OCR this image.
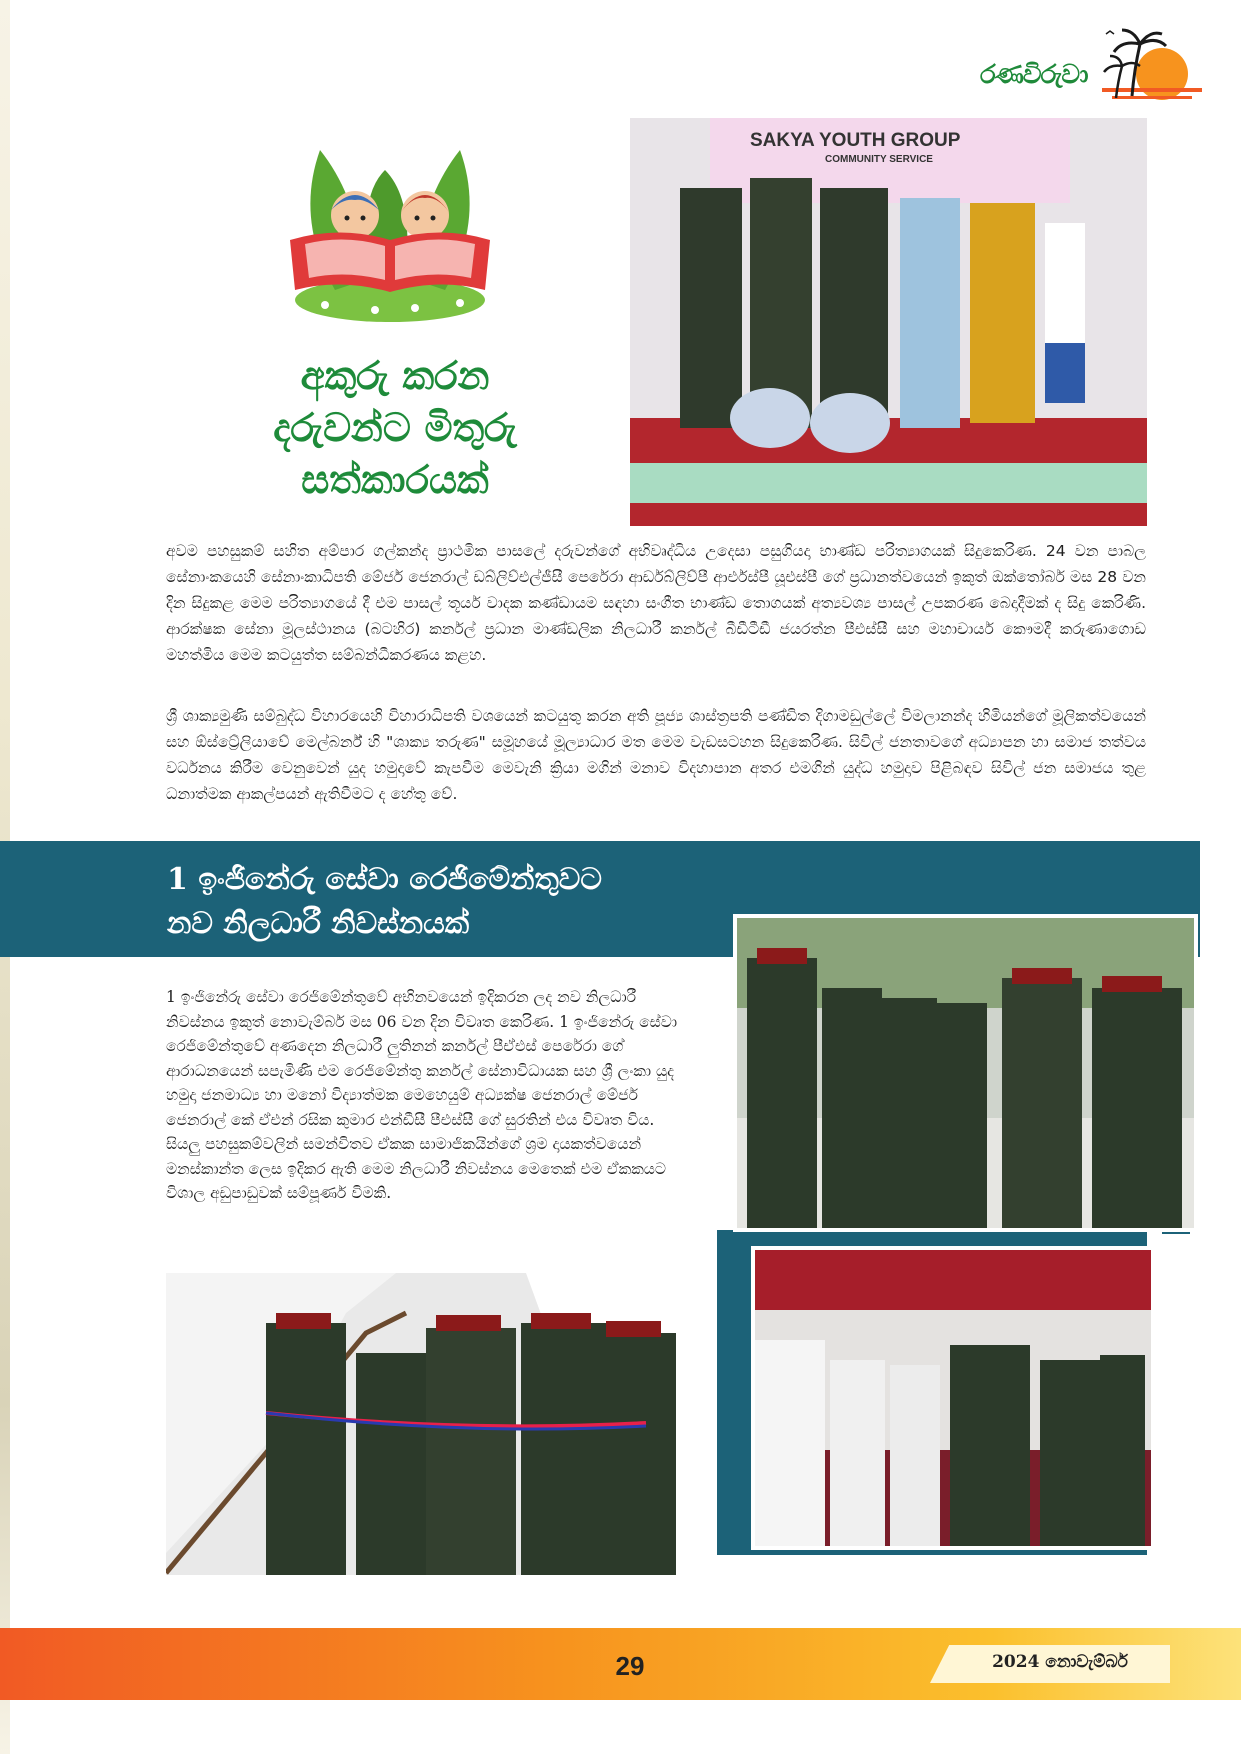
රණවිරුවා
අකුරු කරන
දරුවන්ට මිතුරු
සත්කාරයක්
SAKYA YOUTH GROUP
COMMUNITY SERVICE
අවම පහසුකම් සහිත අම්පාර ගල්කන්ද ප්‍රාථමික පාසලේ දරුවන්ගේ අභිවෘද්ධිය උදෙසා පසුගියදා භාණ්ඩ පරිත්‍යාගයක් සිදුකෙරිණ. 24 වන පාබල සේනාංකයෙහි සේනාංකාධිපති මේජර් ජෙනරාල් ඩබ්ලිව්එල්ජීසී පෙරේරා ආර්ඩබ්ලිව්පී ආර්එස්පී යූඑස්පී ගේ ප්‍රධානත්වයෙන් ඉකුත් ඔක්තෝබර් මස 28 වන දින සිදුකළ මෙම පරිත්‍යාගයේ දී එම පාසල් තූර්ය වාදක කණ්ඩායම සඳහා සංගීත භාණ්ඩ තොගයක් අත්‍යවශ්‍ය පාසල් උපකරණ බෙදාදීමක් ද සිදු කෙරිණි. ආරක්ෂක සේනා මූලස්ථානය (බටහිර) කර්නල් ප්‍රධාන මාණ්ඩලික නිලධාරී කර්නල් බීඩීටීඩී ජයරත්න පීඑස්සී සහ මහාචාර්ය කෞමදී කරුණාගොඩ මහත්මිය මෙම කටයුත්ත සම්බන්ධීකරණය කළහ.
ශ්‍රී ශාක්‍යමුණි සම්බුද්ධ විහාරයෙහි විහාරාධිපති වශයෙන් කටයුතු කරන අති පූජ්‍ය ශාස්ත්‍රපති පණ්ඩිත දිගාමඩුල්ලේ විමලානන්ද හිමියන්ගේ මූලිකත්වයෙන් සහ ඕස්ට්‍රේලියාවේ මෙල්බර්න් හි "ශාක්‍ය තරුණ" සමූහයේ මූල්‍යාධාර මත මෙම වැඩසටහන සිදුකෙරිණ. සිවිල් ජනතාවගේ අධ්‍යාපන හා සමාජ තත්වය වර්ධනය කිරීම වෙනුවෙන් යුද හමුදාවේ කැපවීම මෙවැනි ක්‍රියා මගින් මනාව විදහාපාන අතර එමගින් යුද්ධ හමුදාව පිළිබඳව සිවිල් ජන සමාජය තුළ ධනාත්මක ආකල්පයන් ඇතිවීමට ද හේතු වේ.
1 ඉංජිනේරු සේවා රෙජිමේන්තුවට
නව නිලධාරී නිවස්නයක්
1 ඉංජිනේරු සේවා රෙජිමේන්තුවේ අභිනවයෙන් ඉදිකරන ලද නව නිලධාරී නිවස්නය ඉකුත් නොවැම්බර් මස 06 වන දින විවෘත කෙරිණ. 1 ඉංජිනේරු සේවා රෙජිමේන්තුවේ අණදෙන නිලධාරී ලුතිනන් කර්නල් පීඒඑස් පෙරේරා ගේ ආරාධනයෙන් සපැමිණි එම රෙජිමේන්තු කර්නල් සේනාවිධායක සහ ශ්‍රී ලංකා යුද හමුදා ජනමාධ්‍ය හා මනෝ විද්‍යාත්මක මෙහෙයුම් අධ්‍යක්ෂ ජෙනරාල් මේජර් ජෙනරාල් කේ ඒඑන් රසික කුමාර එන්ඩීසී පීඑස්සී ගේ සුරතින් එය විවෘත විය. සියලු පහසුකම්වලින් සමන්විතව ඒකක සාමාජිකයින්ගේ ශ්‍රම දායකත්වයෙන් මනස්කාන්ත ලෙස ඉදිකර ඇති මෙම නිලධාරී නිවස්නය මෙතෙක් එම ඒකකයට විශාල අඩුපාඩුවක් සම්පූර්ණ විමකි.
29	2024 නොවැම්බර්
